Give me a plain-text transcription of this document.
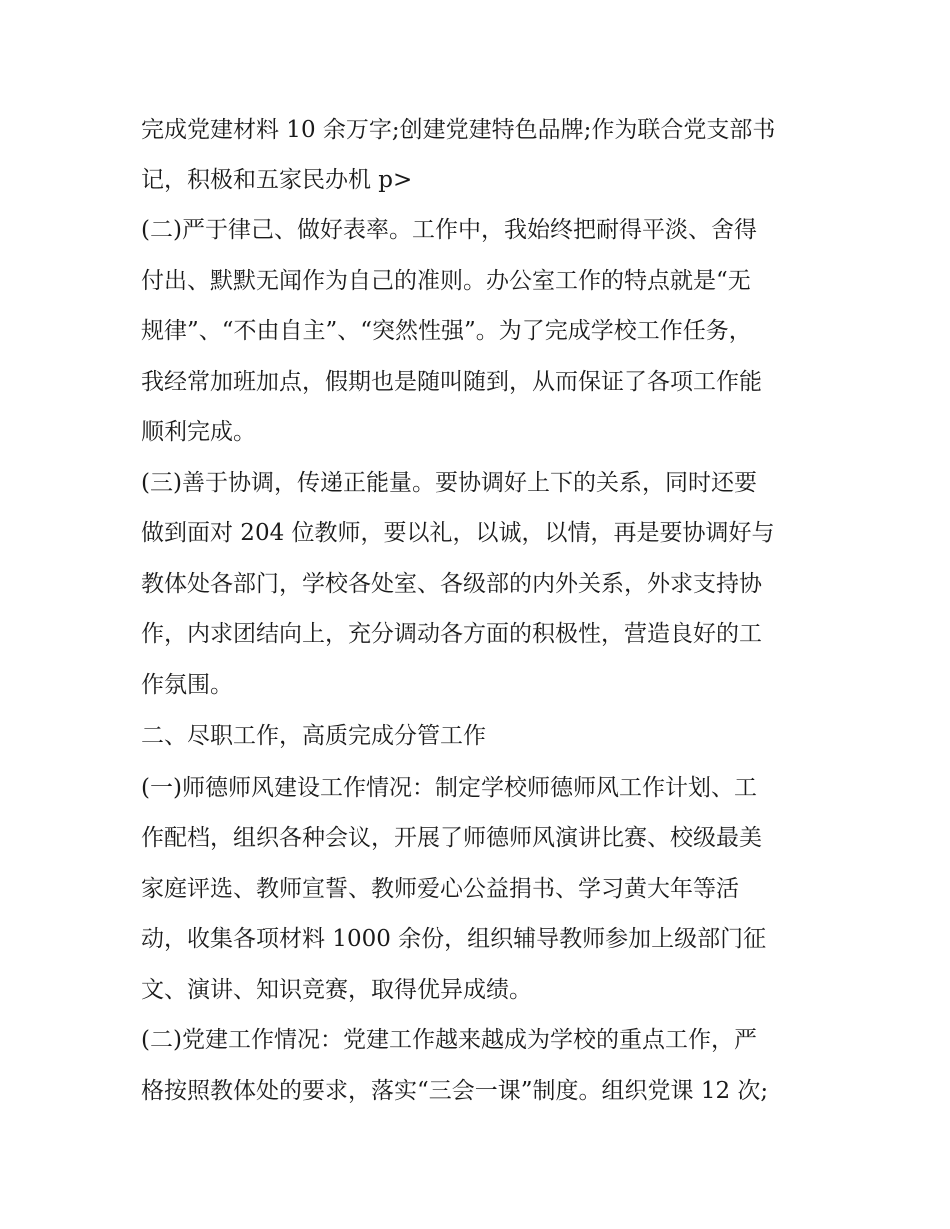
完成党建材料 10 余万字;创建党建特色品牌;作为联合党支部书
记，积极和五家民办机 p>
(二)严于律己、做好表率。工作中，我始终把耐得平淡、舍得
付出、默默无闻作为自己的准则。办公室工作的特点就是“无
规律”、“不由自主”、“突然性强”。为了完成学校工作任务，
我经常加班加点，假期也是随叫随到，从而保证了各项工作能
顺利完成。
(三)善于协调，传递正能量。要协调好上下的关系，同时还要
做到面对 204 位教师，要以礼，以诚，以情，再是要协调好与
教体处各部门，学校各处室、各级部的内外关系，外求支持协
作，内求团结向上，充分调动各方面的积极性，营造良好的工
作氛围。
二、尽职工作，高质完成分管工作
(一)师德师风建设工作情况：制定学校师德师风工作计划、工
作配档，组织各种会议，开展了师德师风演讲比赛、校级最美
家庭评选、教师宣誓、教师爱心公益捐书、学习黄大年等活
动，收集各项材料 1000 余份，组织辅导教师参加上级部门征
文、演讲、知识竞赛，取得优异成绩。
(二)党建工作情况：党建工作越来越成为学校的重点工作，严
格按照教体处的要求，落实“三会一课”制度。组织党课 12 次;
